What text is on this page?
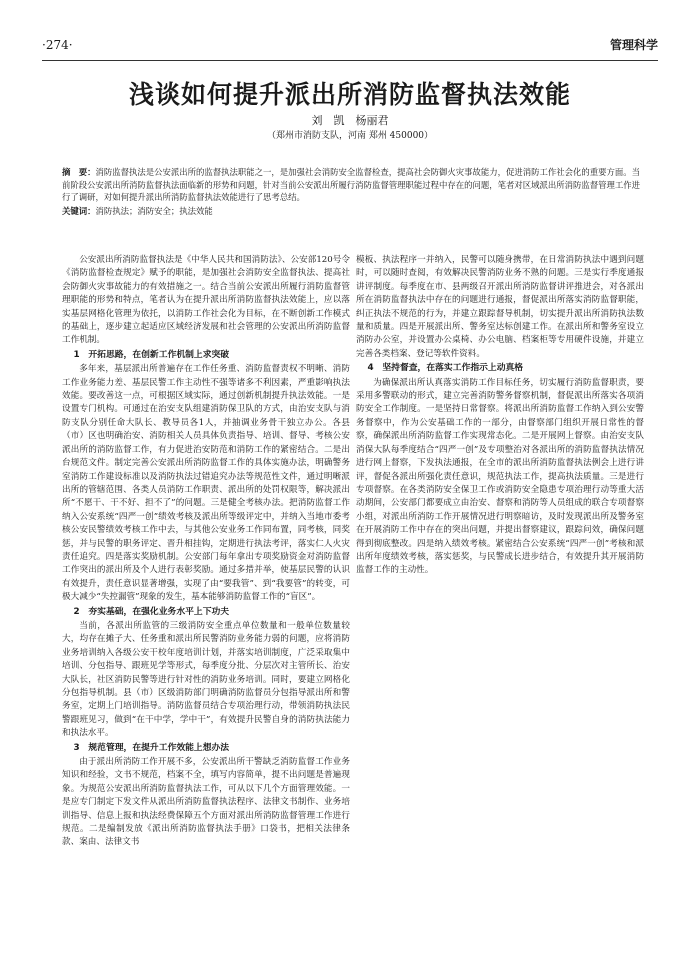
·274·	管理科学
浅谈如何提升派出所消防监督执法效能
刘　凯　杨丽君
（郑州市消防支队，河南 郑州 450000）
摘　要：消防监督执法是公安派出所的监督执法职能之一，是加强社会消防安全监督检查，提高社会防御火灾事故能力，促进消防工作社会化的重要方面。当前阶段公安派出所消防监督执法面临新的形势和问题，针对当前公安派出所履行消防监督管理职能过程中存在的问题，笔者对区域派出所消防监督管理工作进行了调研，对如何提升派出所消防监督执法效能进行了思考总结。
关键词：消防执法；消防安全；执法效能

公安派出所消防监督执法是《中华人民共和国消防法》、公安部120号令《消防监督检查规定》赋予的职能，是加强社会消防安全监督执法、提高社会防御火灾事故能力的有效措施之一。结合当前公安派出所履行消防监督管理职能的形势和特点，笔者认为在提升派出所消防监督执法效能上，应以落实基层网格化管理为依托，以消防工作社会化为目标，在不断创新工作模式的基础上，逐步建立起适应区域经济发展和社会管理的公安派出所消防监督工作机制。

1　开拓思路，在创新工作机制上求突破

多年来，基层派出所普遍存在工作任务重、消防监督责权不明晰、消防工作业务能力差、基层民警工作主动性不强等诸多不利因素，严重影响执法效能。要改善这一点，可根据区域实际，通过创新机制提升执法效能。一是设置专门机构。可通过在治安支队组建消防保卫队的方式，由治安支队与消防支队分别任命大队长、教导员各1人，并抽调业务骨干独立办公。各县（市）区也明确治安、消防相关人员具体负责指导、培训、督导、考核公安派出所的消防监督工作，有力促进治安防范和消防工作的紧密结合。二是出台规范文件。制定完善公安派出所消防监督工作的具体实施办法，明确警务室消防工作建设标准以及消防执法过错追究办法等规范性文件，通过明晰派出所的管辖范围、各类人员消防工作职责、派出所的处罚权限等，解决派出所“不愿干、干不好、担不了”的问题。三是健全考核办法。把消防监督工作纳入公安系统“四严一创”绩效考核及派出所等级评定中，并纳入当地市委考核公安民警绩效考核工作中去，与其他公安业务工作同布置，同考核，同奖惩，并与民警的职务评定、晋升相挂钩，定期进行执法考评，落实仁人火灾责任追究。四是落实奖励机制。公安部门每年拿出专项奖励资金对消防监督工作突出的派出所及个人进行表彰奖励。通过多措并举，使基层民警的认识有效提升，责任意识显著增强，实现了由“要我管”、到“我要管”的转变，可极大减少“失控漏管”现象的发生，基本能够消防监督工作的“盲区”。

2　夯实基础，在强化业务水平上下功夫

当前，各派出所监管的三级消防安全重点单位数量和一般单位数量较大，均存在摊子大、任务重和派出所民警消防业务能力弱的问题，应将消防业务培训纳入各级公安干校年度培训计划，并落实培训制度，广泛采取集中培训、分包指导、跟班见学等形式，每季度分批、分层次对主管所长、治安大队长，社区消防民警等进行针对性的消防业务培训。同时，要建立网格化分包指导机制。县（市）区级消防部门明确消防监督员分包指导派出所和警务室，定期上门培训指导。消防监督员结合专项治理行动，带领消防执法民警跟班见习，做到“在干中学，学中干”，有效提升民警自身的消防执法能力和执法水平。

3　规范管理，在提升工作效能上想办法

由于派出所消防工作开展不多，公安派出所干警缺乏消防监督工作业务知识和经验，文书不规范，档案不全，填写内容简单，提不出问题是普遍现象。为规范公安派出所消防监督执法工作，可从以下几个方面管理效能。一是应专门制定下发文件从派出所消防监督执法程序、法律文书制作、业务培训指导、信息上报和执法经费保障五个方面对派出所消防监督管理工作进行规范。二是编制发放《派出所消防监督执法手册》口袋书，把相关法律条款、案由、法律文书

模板、执法程序一并纳入，民警可以随身携带，在日常消防执法中遇到问题时，可以随时查阅，有效解决民警消防业务不熟的问题。三是实行季度通报讲评制度。每季度在市、县两级召开派出所消防监督讲评推进会，对各派出所在消防监督执法中存在的问题进行通报，督促派出所落实消防监督职能，纠正执法不规范的行为，并建立跟踪督导机制，切实提升派出所消防执法数量和质量。四是开展派出所、警务室达标创建工作。在派出所和警务室设立消防办公室，并设置办公桌椅、办公电脑、档案柜等专用硬件设施，并建立完善各类档案、登记等软件资料。

4　坚持督查，在落实工作指示上动真格

为确保派出所认真落实消防工作目标任务，切实履行消防监督职责，要采用多警联动的形式，建立完善消防警务督察机制，督促派出所落实各项消防安全工作制度。一是坚持日常督察。将派出所消防监督工作纳入到公安警务督察中，作为公安基础工作的一部分，由督察部门组织开展日常性的督察，确保派出所消防监督工作实现常态化。二是开展网上督察。由治安支队消保大队每季度结合“四严一创”及专项整治对各派出所的消防监督执法情况进行网上督察，下发执法通报，在全市的派出所消防监督执法例会上进行讲评，督促各派出所强化责任意识，规范执法工作，提高执法质量。三是进行专项督察。在各类消防安全保卫工作或消防安全隐患专项治理行动等重大活动期间，公安部门都要成立由治安、督察和消防等人员组成的联合专项督察小组，对派出所消防工作开展情况进行明察暗访，及时发现派出所及警务室在开展消防工作中存在的突出问题，并提出督察建议，跟踪问效，确保问题得到彻底整改。四是纳入绩效考核。紧密结合公安系统“四严一创”考核和派出所年度绩效考核，落实惩奖，与民警成长进步结合，有效提升其开展消防监督工作的主动性。
